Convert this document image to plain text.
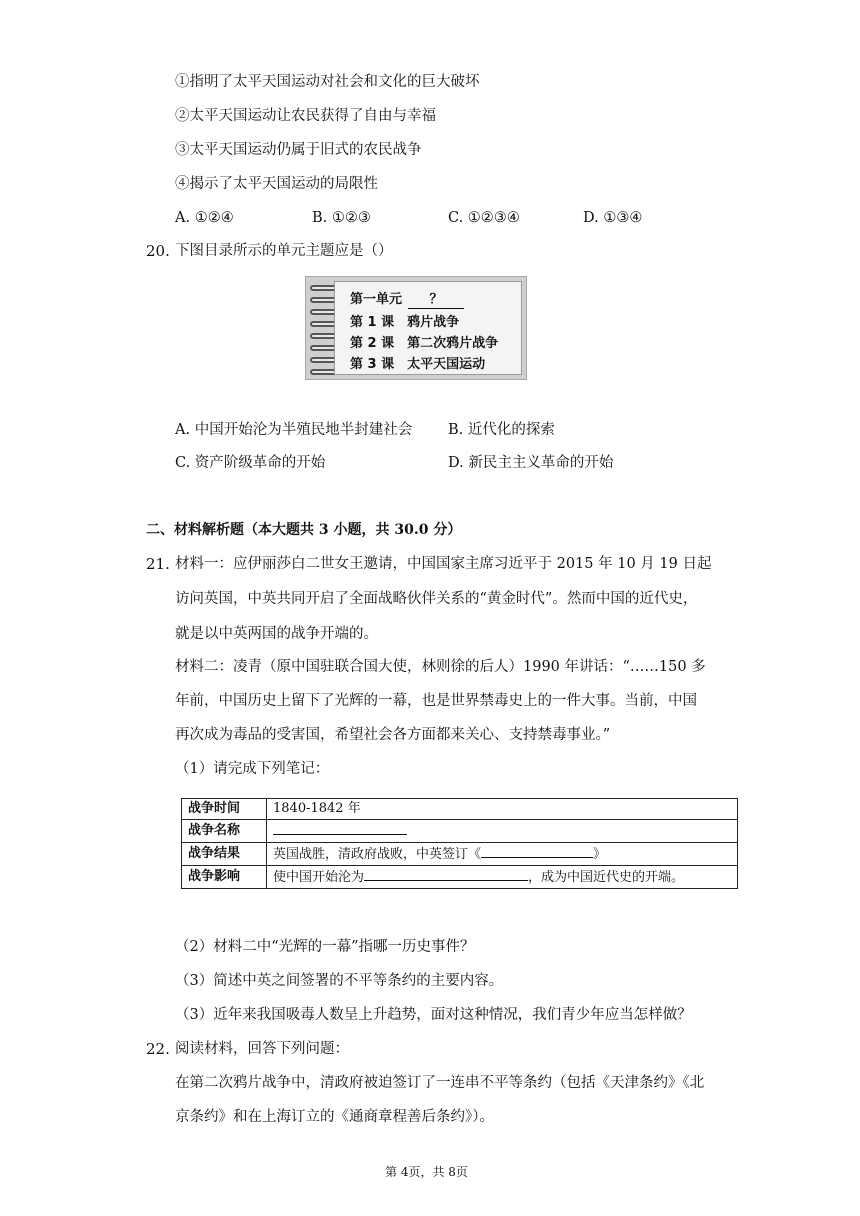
①指明了太平天国运动对社会和文化的巨大破坏
②太平天国运动让农民获得了自由与幸福
③太平天国运动仍属于旧式的农民战争
④揭示了太平天国运动的局限性
A. ①②④	B. ①②③	C. ①②③④	D. ①③④
20. 下图目录所示的单元主题应是（）
第一单元 ？
第 1 课　鸦片战争
第 2 课　第二次鸦片战争
第 3 课　太平天国运动
A. 中国开始沦为半殖民地半封建社会 B. 近代化的探索
C. 资产阶级革命的开始	D. 新民主主义革命的开始
二、材料解析题（本大题共 3 小题，共 30.0 分）
21. 材料一：应伊丽莎白二世女王邀请，中国国家主席习近平于 2015 年 10 月 19 日起
访问英国，中英共同开启了全面战略伙伴关系的“黄金时代”。然而中国的近代史，
就是以中英两国的战争开端的。
材料二：凌青（原中国驻联合国大使，林则徐的后人）1990 年讲话：“……150 多
年前，中国历史上留下了光辉的一幕，也是世界禁毒史上的一件大事。当前，中国
再次成为毒品的受害国，希望社会各方面都来关心、支持禁毒事业。”
（1）请完成下列笔记：
战争时间	1840-1842 年
战争名称	
战争结果	英国战胜，清政府战败，中英签订《 》
战争影响	使中国开始沦为 ，成为中国近代史的开端。
（2）材料二中“光辉的一幕”指哪一历史事件？
（3）简述中英之间签署的不平等条约的主要内容。
（3）近年来我国吸毒人数呈上升趋势，面对这种情况，我们青少年应当怎样做？
22. 阅读材料，回答下列问题：
在第二次鸦片战争中，清政府被迫签订了一连串不平等条约（包括《天津条约》《北
京条约》和在上海订立的《通商章程善后条约》）。
第 4页，共 8页
